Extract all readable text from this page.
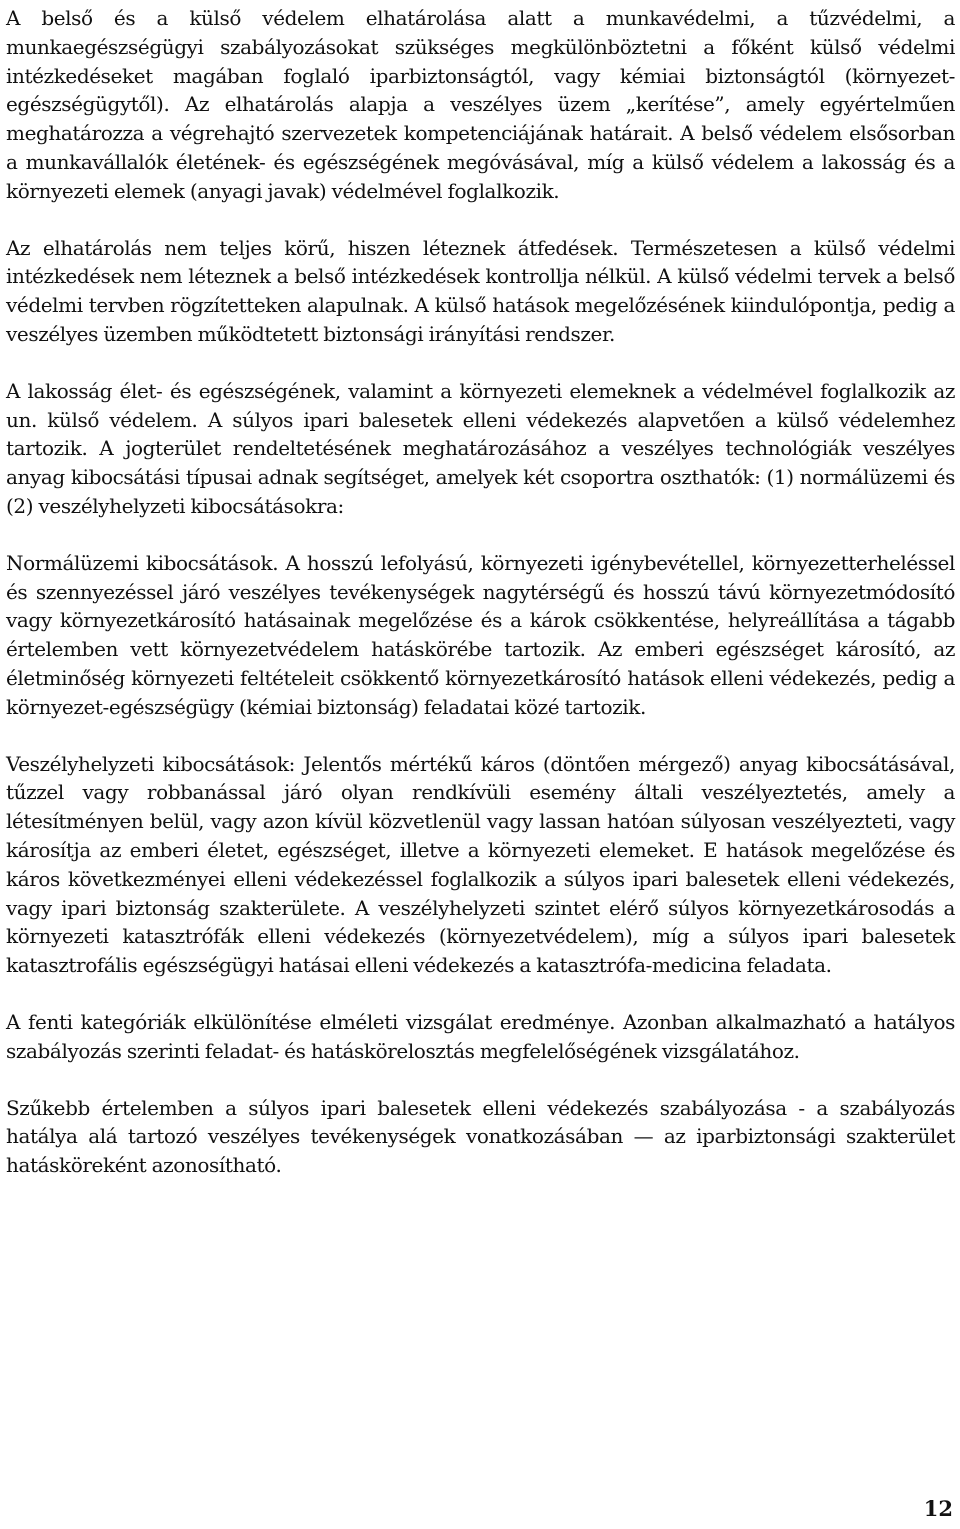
A belső és a külső védelem elhatárolása alatt a munkavédelmi, a tűzvédelmi, a munkaegészségügyi szabályozásokat szükséges megkülönböztetni a főként külső védelmi intézkedéseket magában foglaló iparbiztonságtól, vagy kémiai biztonságtól (környezet-egészségügytől). Az elhatárolás alapja a veszélyes üzem „kerítése”, amely egyértelműen meghatározza a végrehajtó szervezetek kompetenciájának határait. A belső védelem elsősorban a munkavállalók életének- és egészségének megóvásával, míg a külső védelem a lakosság és a környezeti elemek (anyagi javak) védelmével foglalkozik.

Az elhatárolás nem teljes körű, hiszen léteznek átfedések. Természetesen a külső védelmi intézkedések nem léteznek a belső intézkedések kontrollja nélkül. A külső védelmi tervek a belső védelmi tervben rögzítetteken alapulnak. A külső hatások megelőzésének kiindulópontja, pedig a veszélyes üzemben működtetett biztonsági irányítási rendszer.

A lakosság élet- és egészségének, valamint a környezeti elemeknek a védelmével foglalkozik az un. külső védelem. A súlyos ipari balesetek elleni védekezés alapvetően a külső védelemhez tartozik. A jogterület rendeltetésének meghatározásához a veszélyes technológiák veszélyes anyag kibocsátási típusai adnak segítséget, amelyek két csoportra oszthatók: (1) normálüzemi és (2) veszélyhelyzeti kibocsátásokra:

Normálüzemi kibocsátások. A hosszú lefolyású, környezeti igénybevétellel, környezetterheléssel és szennyezéssel járó veszélyes tevékenységek nagytérségű és hosszú távú környezetmódosító vagy környezetkárosító hatásainak megelőzése és a károk csökkentése, helyreállítása a tágabb értelemben vett környezetvédelem hatáskörébe tartozik. Az emberi egészséget károsító, az életminőség környezeti feltételeit csökkentő környezetkárosító hatások elleni védekezés, pedig a környezet-egészségügy (kémiai biztonság) feladatai közé tartozik.

Veszélyhelyzeti kibocsátások: Jelentős mértékű káros (döntően mérgező) anyag kibocsátásával, tűzzel vagy robbanással járó olyan rendkívüli esemény általi veszélyeztetés, amely a létesítményen belül, vagy azon kívül közvetlenül vagy lassan hatóan súlyosan veszélyezteti, vagy károsítja az emberi életet, egészséget, illetve a környezeti elemeket. E hatások megelőzése és káros következményei elleni védekezéssel foglalkozik a súlyos ipari balesetek elleni védekezés, vagy ipari biztonság szakterülete. A veszélyhelyzeti szintet elérő súlyos környezetkárosodás a környezeti katasztrófák elleni védekezés (környezetvédelem), míg a súlyos ipari balesetek katasztrofális egészségügyi hatásai elleni védekezés a katasztrófa-medicina feladata.

A fenti kategóriák elkülönítése elméleti vizsgálat eredménye. Azonban alkalmazható a hatályos szabályozás szerinti feladat- és hatáskörelosztás megfelelőségének vizsgálatához.

Szűkebb értelemben a súlyos ipari balesetek elleni védekezés szabályozása - a szabályozás hatálya alá tartozó veszélyes tevékenységek vonatkozásában — az iparbiztonsági szakterület hatásköreként azonosítható.

12
